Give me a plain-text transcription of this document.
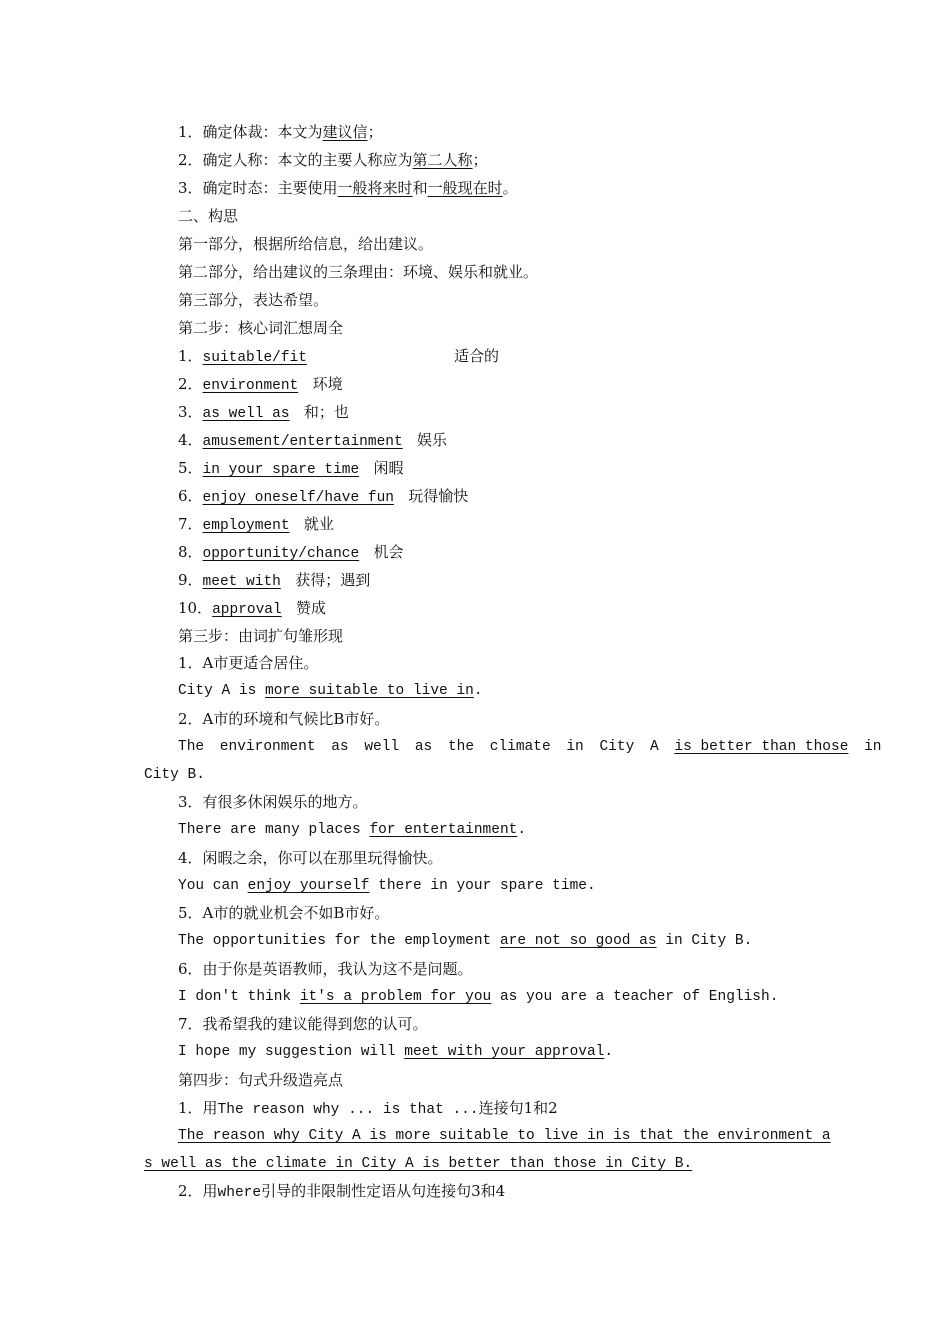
1．确定体裁：本文为建议信；
2．确定人称：本文的主要人称应为第二人称；
3．确定时态：主要使用一般将来时和一般现在时。
二、构思
第一部分，根据所给信息，给出建议。
第二部分，给出建议的三条理由：环境、娱乐和就业。
第三部分，表达希望。
第二步：核心词汇想周全
1．suitable/fit	适合的
2．environment 环境
3．as well as 和；也
4．amusement/entertainment 娱乐
5．in your spare time 闲暇
6．enjoy oneself/have fun 玩得愉快
7．employment 就业
8．opportunity/chance 机会
9．meet with 获得；遇到
10．approval 赞成
第三步：由词扩句雏形现
1．A市更适合居住。
City A is more suitable to live in.
2．A市的环境和气候比B市好。
The environment as well as the climate in City A is better than those in
City B.
3．有很多休闲娱乐的地方。
There are many places for entertainment.
4．闲暇之余，你可以在那里玩得愉快。
You can enjoy yourself there in your spare time.
5．A市的就业机会不如B市好。
The opportunities for the employment are not so good as in City B.
6．由于你是英语教师，我认为这不是问题。
I don't think it's a problem for you as you are a teacher of English.
7．我希望我的建议能得到您的认可。
I hope my suggestion will meet with your approval.
第四步：句式升级造亮点
1．用The reason why ... is that ...连接句1和2
The reason why City A is more suitable to live in is that the environment a
s well as the climate in City A is better than those in City B.
2．用where引导的非限制性定语从句连接句3和4
